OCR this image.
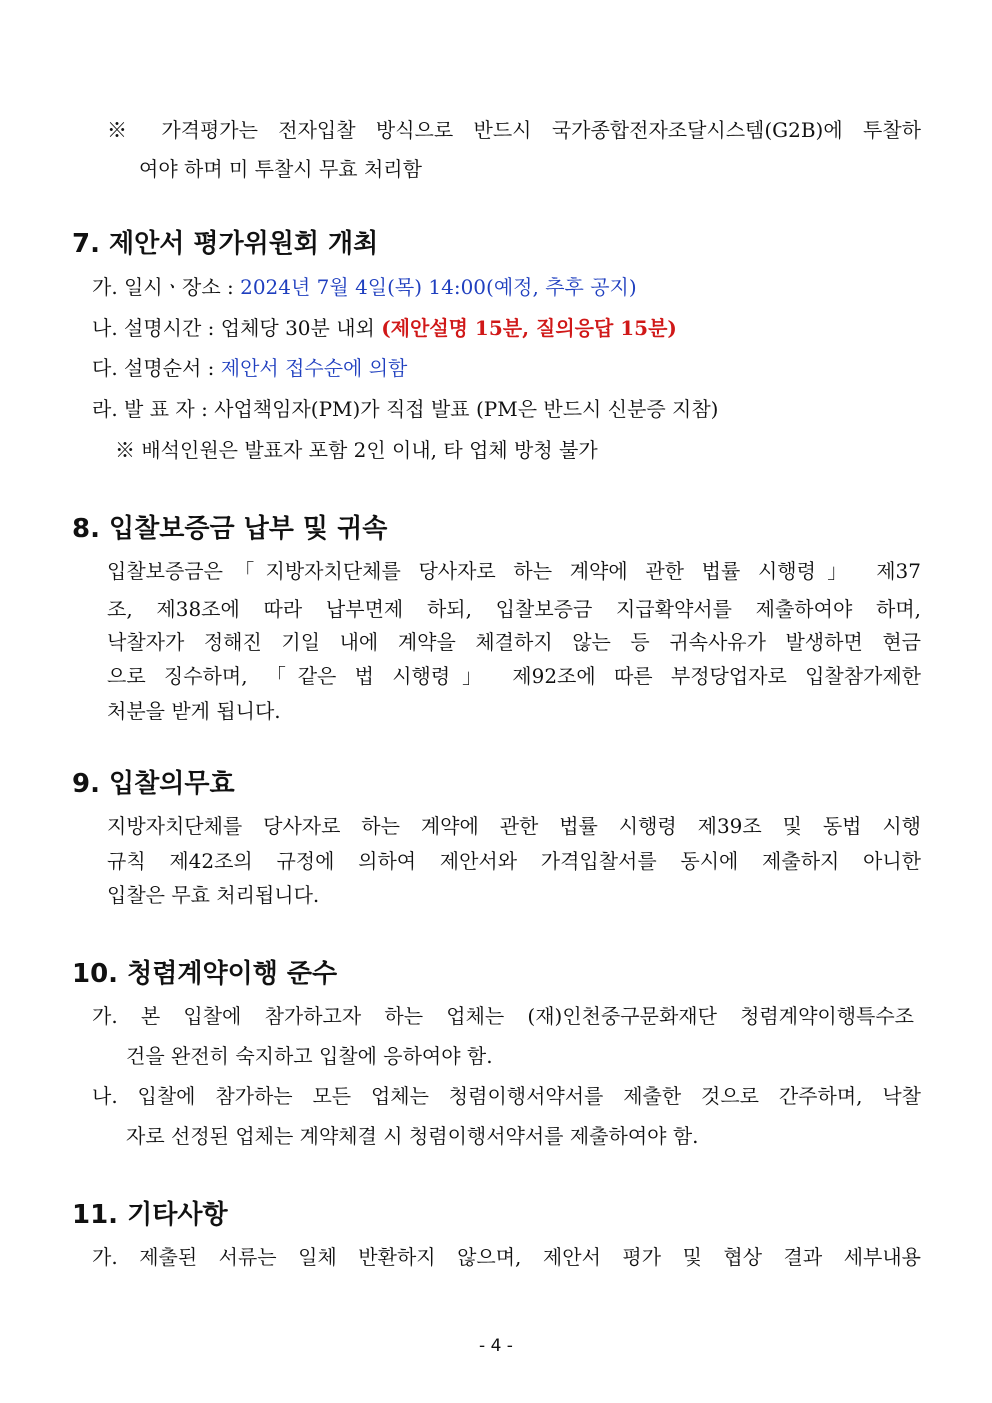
※ 가격평가는 전자입찰 방식으로 반드시 국가종합전자조달시스템(G2B)에 투찰하
여야 하며 미 투찰시 무효 처리함
7. 제안서 평가위원회 개최
가. 일시ㆍ장소 : 2024년 7월 4일(목) 14:00(예정, 추후 공지)
나. 설명시간 : 업체당 30분 내외 (제안설명 15분, 질의응답 15분)
다. 설명순서 : 제안서 접수순에 의함
라. 발 표 자 : 사업책임자(PM)가 직접 발표 (PM은 반드시 신분증 지참)
※ 배석인원은 발표자 포함 2인 이내, 타 업체 방청 불가
8. 입찰보증금 납부 및 귀속
입찰보증금은「지방자치단체를 당사자로 하는 계약에 관한 법률 시행령」 제37
조, 제38조에 따라 납부면제 하되, 입찰보증금 지급확약서를 제출하여야 하며,
낙찰자가 정해진 기일 내에 계약을 체결하지 않는 등 귀속사유가 발생하면 현금
으로 징수하며, 「같은 법 시행령」 제92조에 따른 부정당업자로 입찰참가제한
처분을 받게 됩니다.
9. 입찰의무효
지방자치단체를 당사자로 하는 계약에 관한 법률 시행령 제39조 및 동법 시행
규칙 제42조의 규정에 의하여 제안서와 가격입찰서를 동시에 제출하지 아니한
입찰은 무효 처리됩니다.
10. 청렴계약이행 준수
가. 본 입찰에 참가하고자 하는 업체는 (재)인천중구문화재단 청렴계약이행특수조
건을 완전히 숙지하고 입찰에 응하여야 함.
나. 입찰에 참가하는 모든 업체는 청렴이행서약서를 제출한 것으로 간주하며, 낙찰
자로 선정된 업체는 계약체결 시 청렴이행서약서를 제출하여야 함.
11. 기타사항
가. 제출된 서류는 일체 반환하지 않으며, 제안서 평가 및 협상 결과 세부내용
- 4 -
